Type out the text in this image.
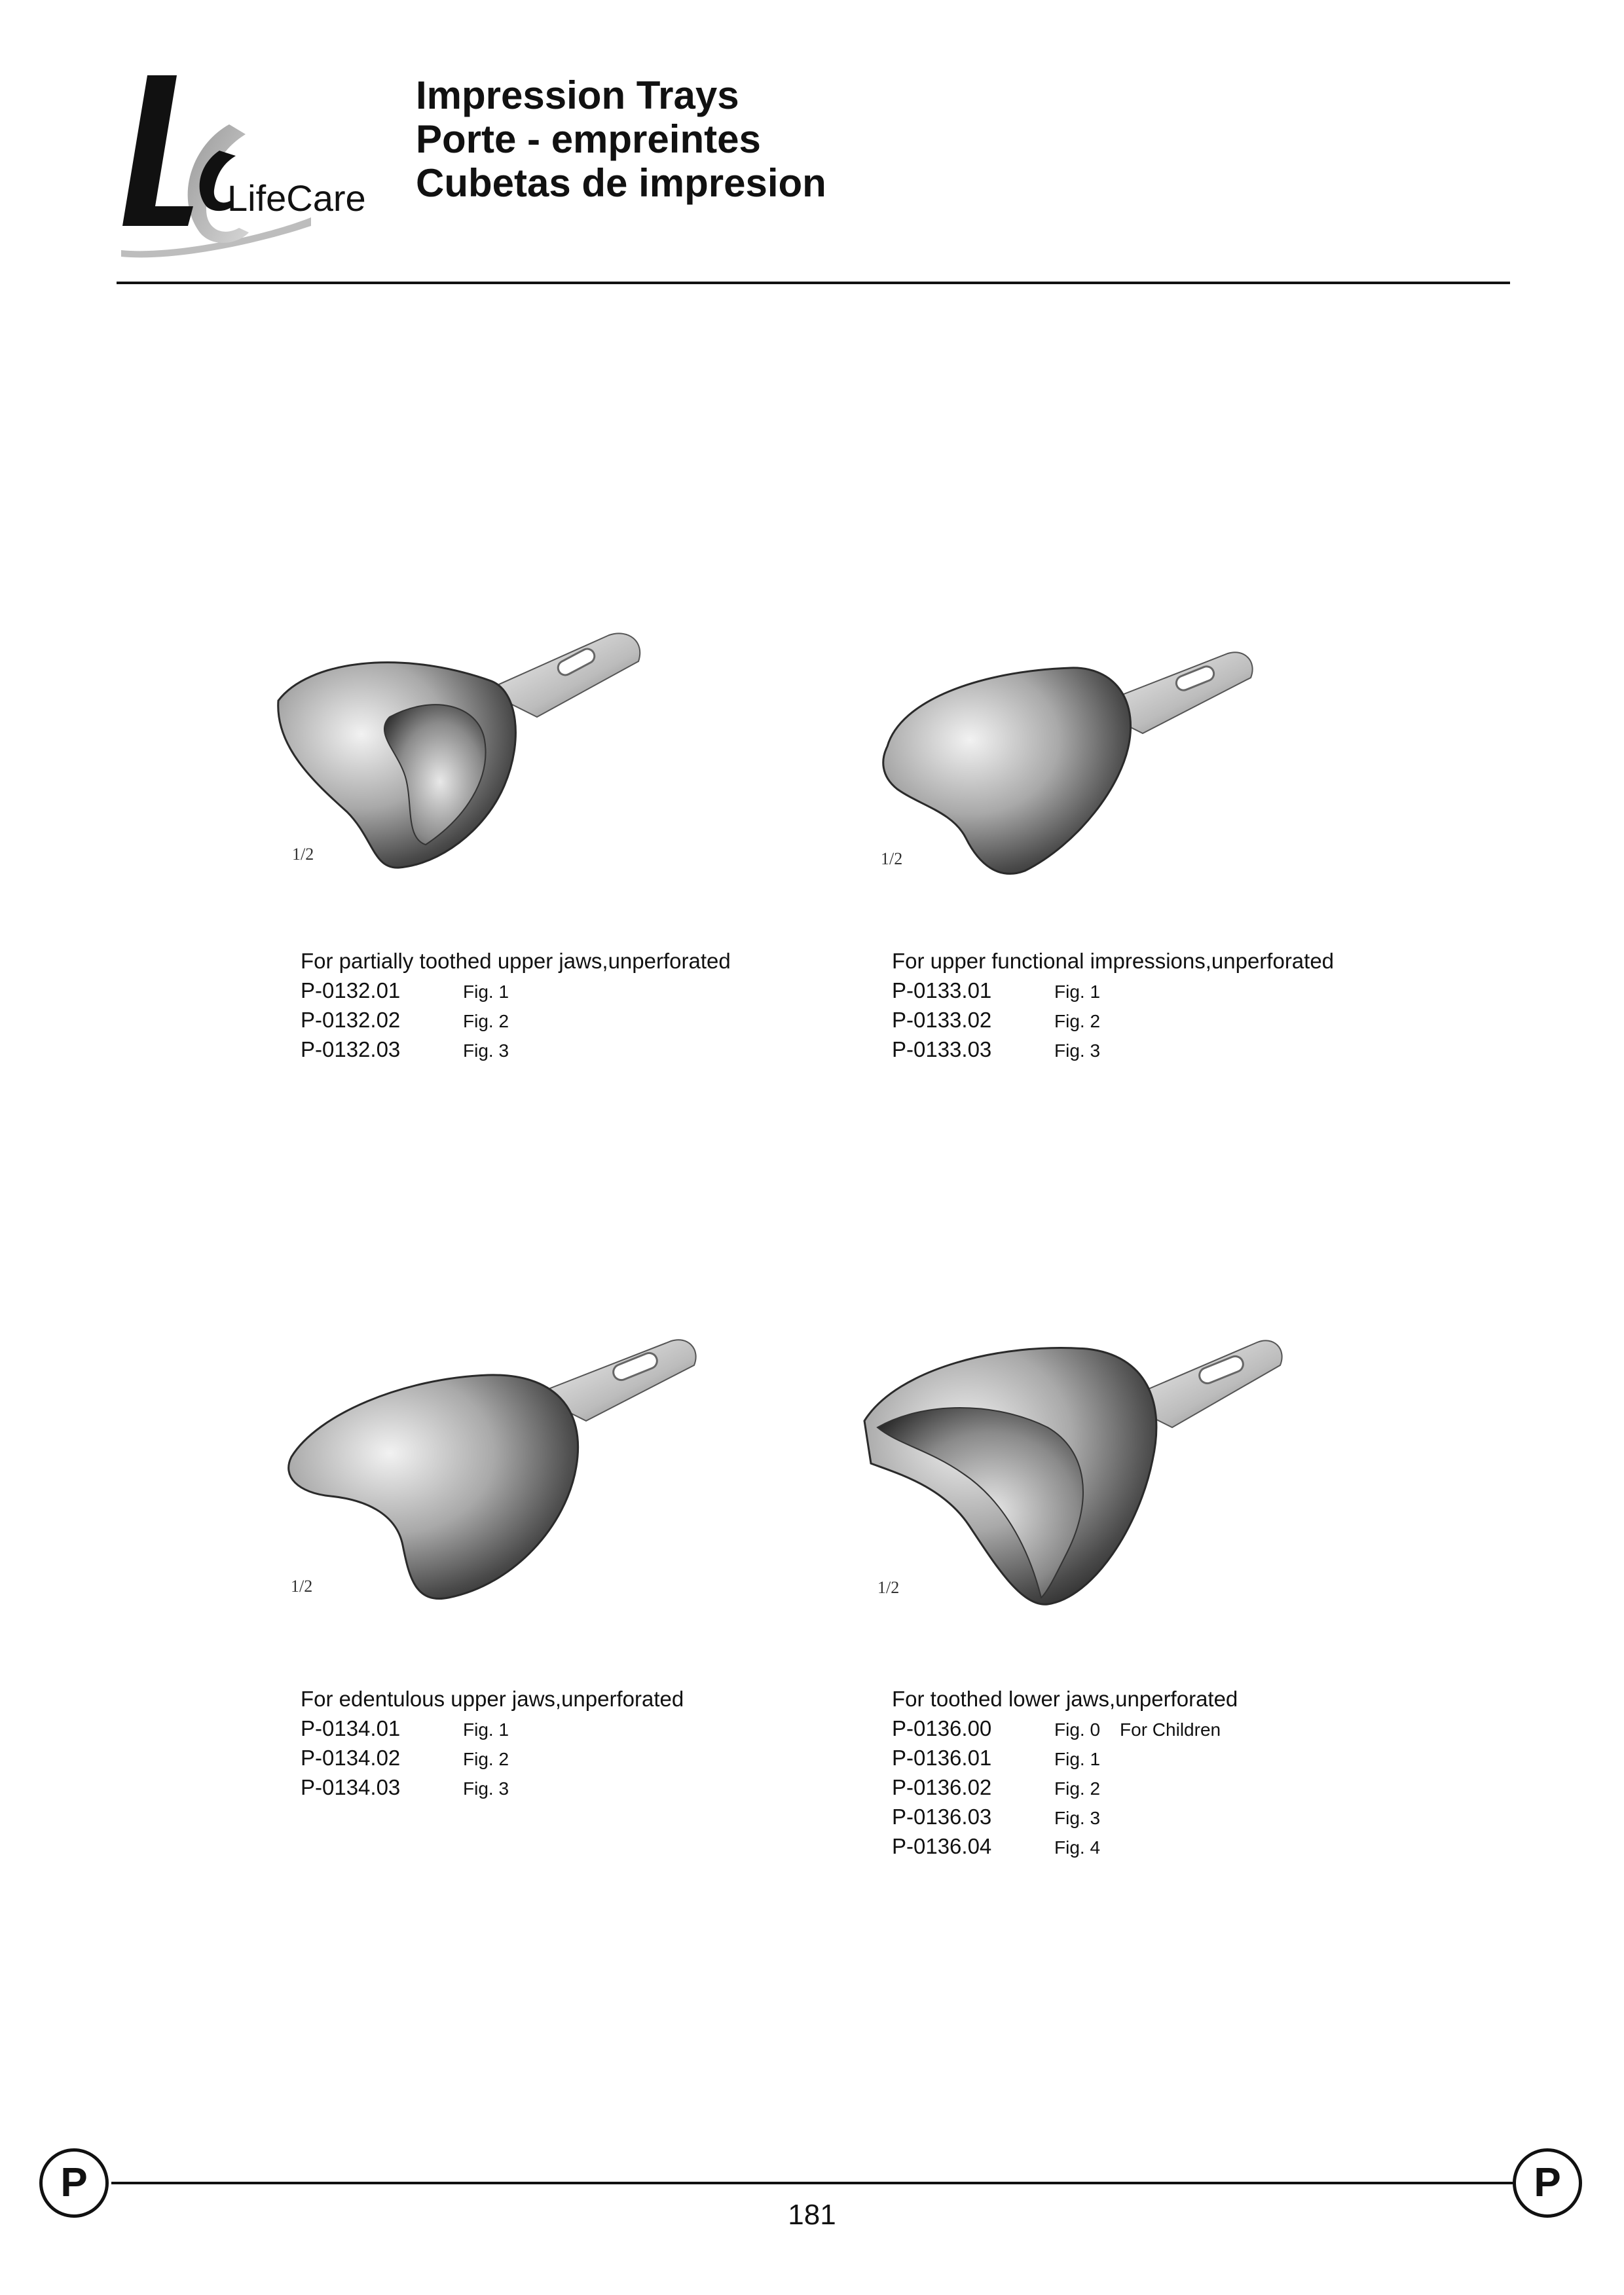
LifeCare
Impression Trays
Porte - empreintes
Cubetas de impresion
1/2
For partially toothed upper jaws,unperforated
P-0132.01	Fig. 1
P-0132.02	Fig. 2
P-0132.03	Fig. 3
1/2
For upper functional impressions,unperforated
P-0133.01	Fig. 1
P-0133.02	Fig. 2
P-0133.03	Fig. 3
1/2
For edentulous upper jaws,unperforated
P-0134.01	Fig. 1
P-0134.02	Fig. 2
P-0134.03	Fig. 3
1/2
For toothed lower jaws,unperforated
P-0136.00	Fig. 0 For Children
P-0136.01	Fig. 1
P-0136.02	Fig. 2
P-0136.03	Fig. 3
P-0136.04	Fig. 4
P	P
181
